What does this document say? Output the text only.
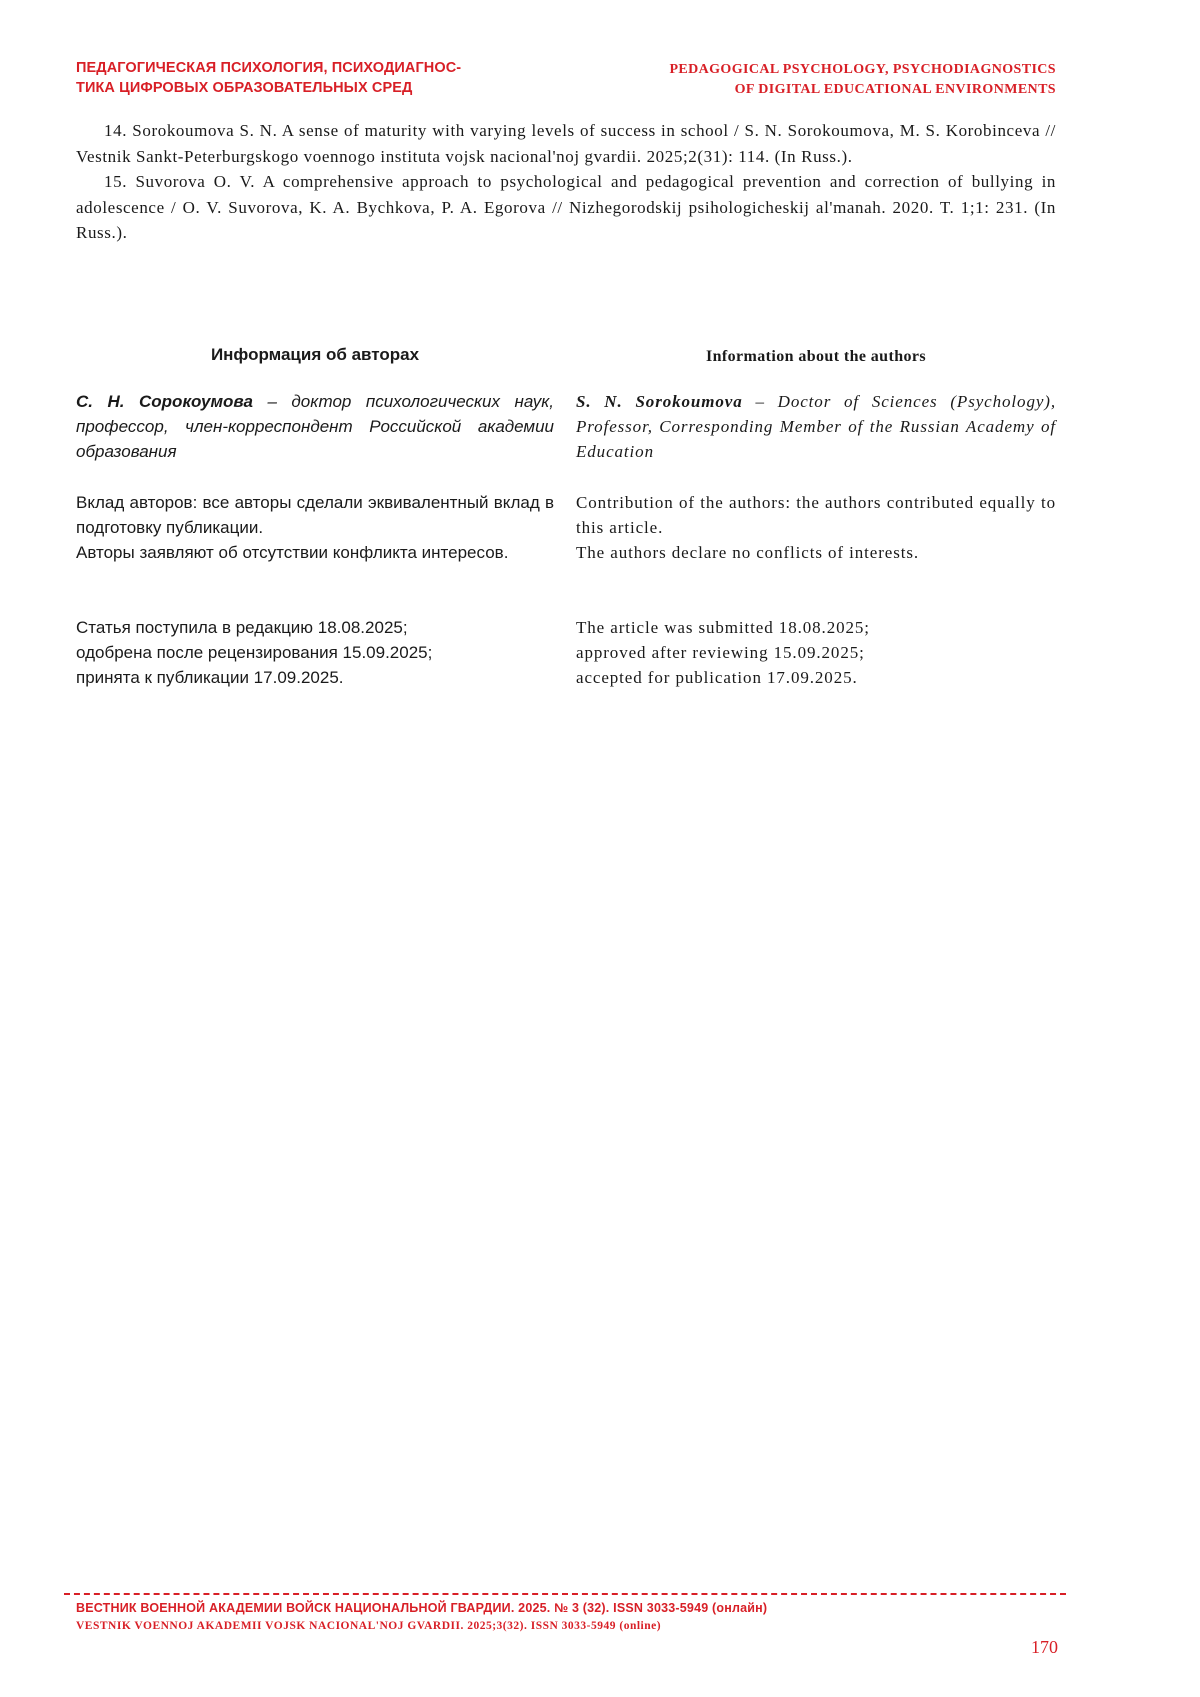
ПЕДАГОГИЧЕСКАЯ ПСИХОЛОГИЯ, ПСИХОДИАГНОС-
ТИКА ЦИФРОВЫХ ОБРАЗОВАТЕЛЬНЫХ СРЕД
PEDAGOGICAL PSYCHOLOGY, PSYCHODIAGNOSTICS
OF DIGITAL EDUCATIONAL ENVIRONMENTS

14. Sorokoumova S. N. A sense of maturity with varying levels of success in school / S. N. Sorokoumova, M. S. Korobinceva // Vestnik Sankt-Peterburgskogo voennogo instituta vojsk nacional'noj gvardii. 2025;2(31): 114. (In Russ.).

15. Suvorova O. V. A comprehensive approach to psychological and pedagogical prevention and correction of bullying in adolescence / O. V. Suvorova, K. A. Bychkova, P. A. Egorova // Nizhegorodskij psihologicheskij al'manah. 2020. T. 1;1: 231. (In Russ.).

Информация об авторах	Information about the authors

С. Н. Сорокоумова – доктор психологических наук, профессор, член-корреспондент Российской академии образования

S. N. Sorokoumova – Doctor of Sciences (Psychology), Professor, Corresponding Member of the Russian Academy of Education

Вклад авторов: все авторы сделали эквивалентный вклад в подготовку публикации.

Авторы заявляют об отсутствии конфликта интересов.

Contribution of the authors: the authors contributed equally to this article.

The authors declare no conflicts of interests.

Статья поступила в редакцию 18.08.2025;

одобрена после рецензирования 15.09.2025;

принята к публикации 17.09.2025.

The article was submitted 18.08.2025;

approved after reviewing 15.09.2025;

accepted for publication 17.09.2025.

ВЕСТНИК ВОЕННОЙ АКАДЕМИИ ВОЙСК НАЦИОНАЛЬНОЙ ГВАРДИИ. 2025. № 3 (32). ISSN 3033-5949 (онлайн)
VESTNIK VOENNOJ AKADEMII VOJSK NACIONAL'NOJ GVARDII. 2025;3(32). ISSN 3033-5949 (online)
170
